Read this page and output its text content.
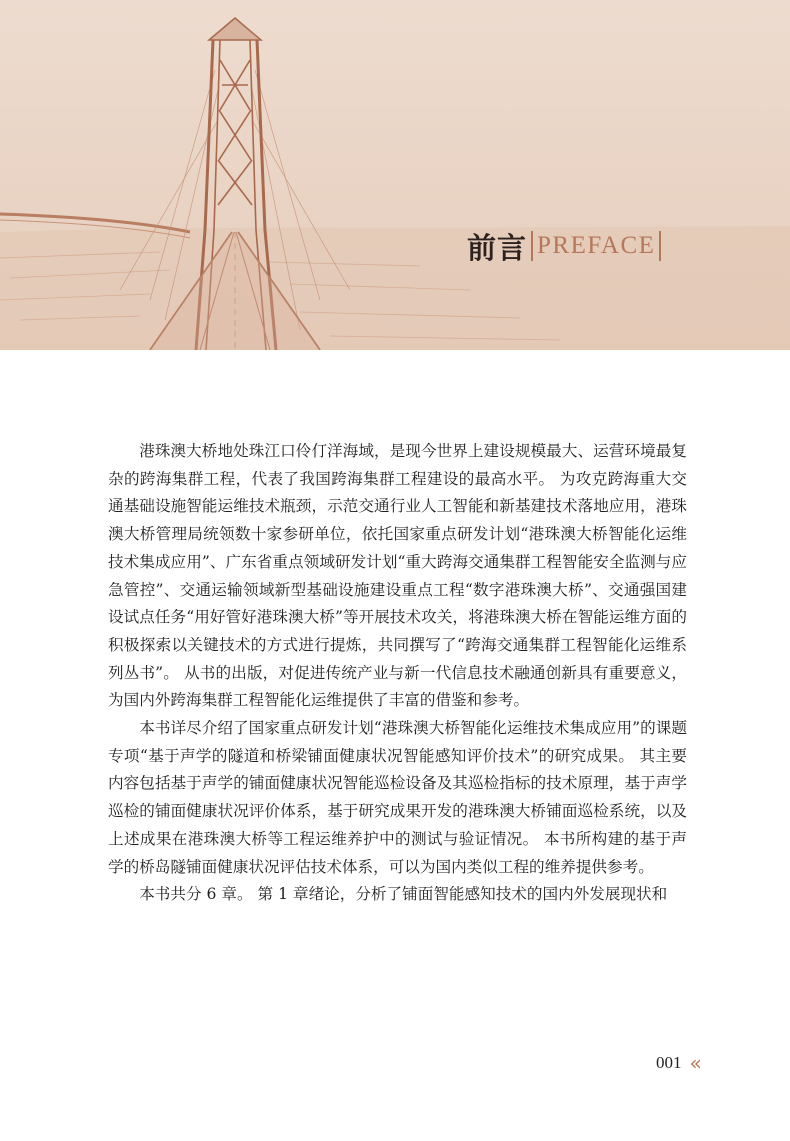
前言 PREFACE

港珠澳大桥地处珠江口伶仃洋海域，是现今世界上建设规模最大、运营环境最复杂的跨海集群工程，代表了我国跨海集群工程建设的最高水平。 为攻克跨海重大交通基础设施智能运维技术瓶颈，示范交通行业人工智能和新基建技术落地应用，港珠澳大桥管理局统领数十家参研单位，依托国家重点研发计划“港珠澳大桥智能化运维技术集成应用”、广东省重点领域研发计划“重大跨海交通集群工程智能安全监测与应急管控”、交通运输领域新型基础设施建设重点工程“数字港珠澳大桥”、交通强国建设试点任务“用好管好港珠澳大桥”等开展技术攻关，将港珠澳大桥在智能运维方面的积极探索以关键技术的方式进行提炼，共同撰写了“跨海交通集群工程智能化运维系列丛书”。 从书的出版，对促进传统产业与新一代信息技术融通创新具有重要意义，为国内外跨海集群工程智能化运维提供了丰富的借鉴和参考。

本书详尽介绍了国家重点研发计划“港珠澳大桥智能化运维技术集成应用”的课题专项“基于声学的隧道和桥梁铺面健康状况智能感知评价技术”的研究成果。 其主要内容包括基于声学的铺面健康状况智能巡检设备及其巡检指标的技术原理，基于声学巡检的铺面健康状况评价体系，基于研究成果开发的港珠澳大桥铺面巡检系统，以及上述成果在港珠澳大桥等工程运维养护中的测试与验证情况。 本书所构建的基于声学的桥岛隧铺面健康状况评估技术体系，可以为国内类似工程的维养提供参考。

本书共分 6 章。 第 1 章绪论，分析了铺面智能感知技术的国内外发展现状和

001 «
